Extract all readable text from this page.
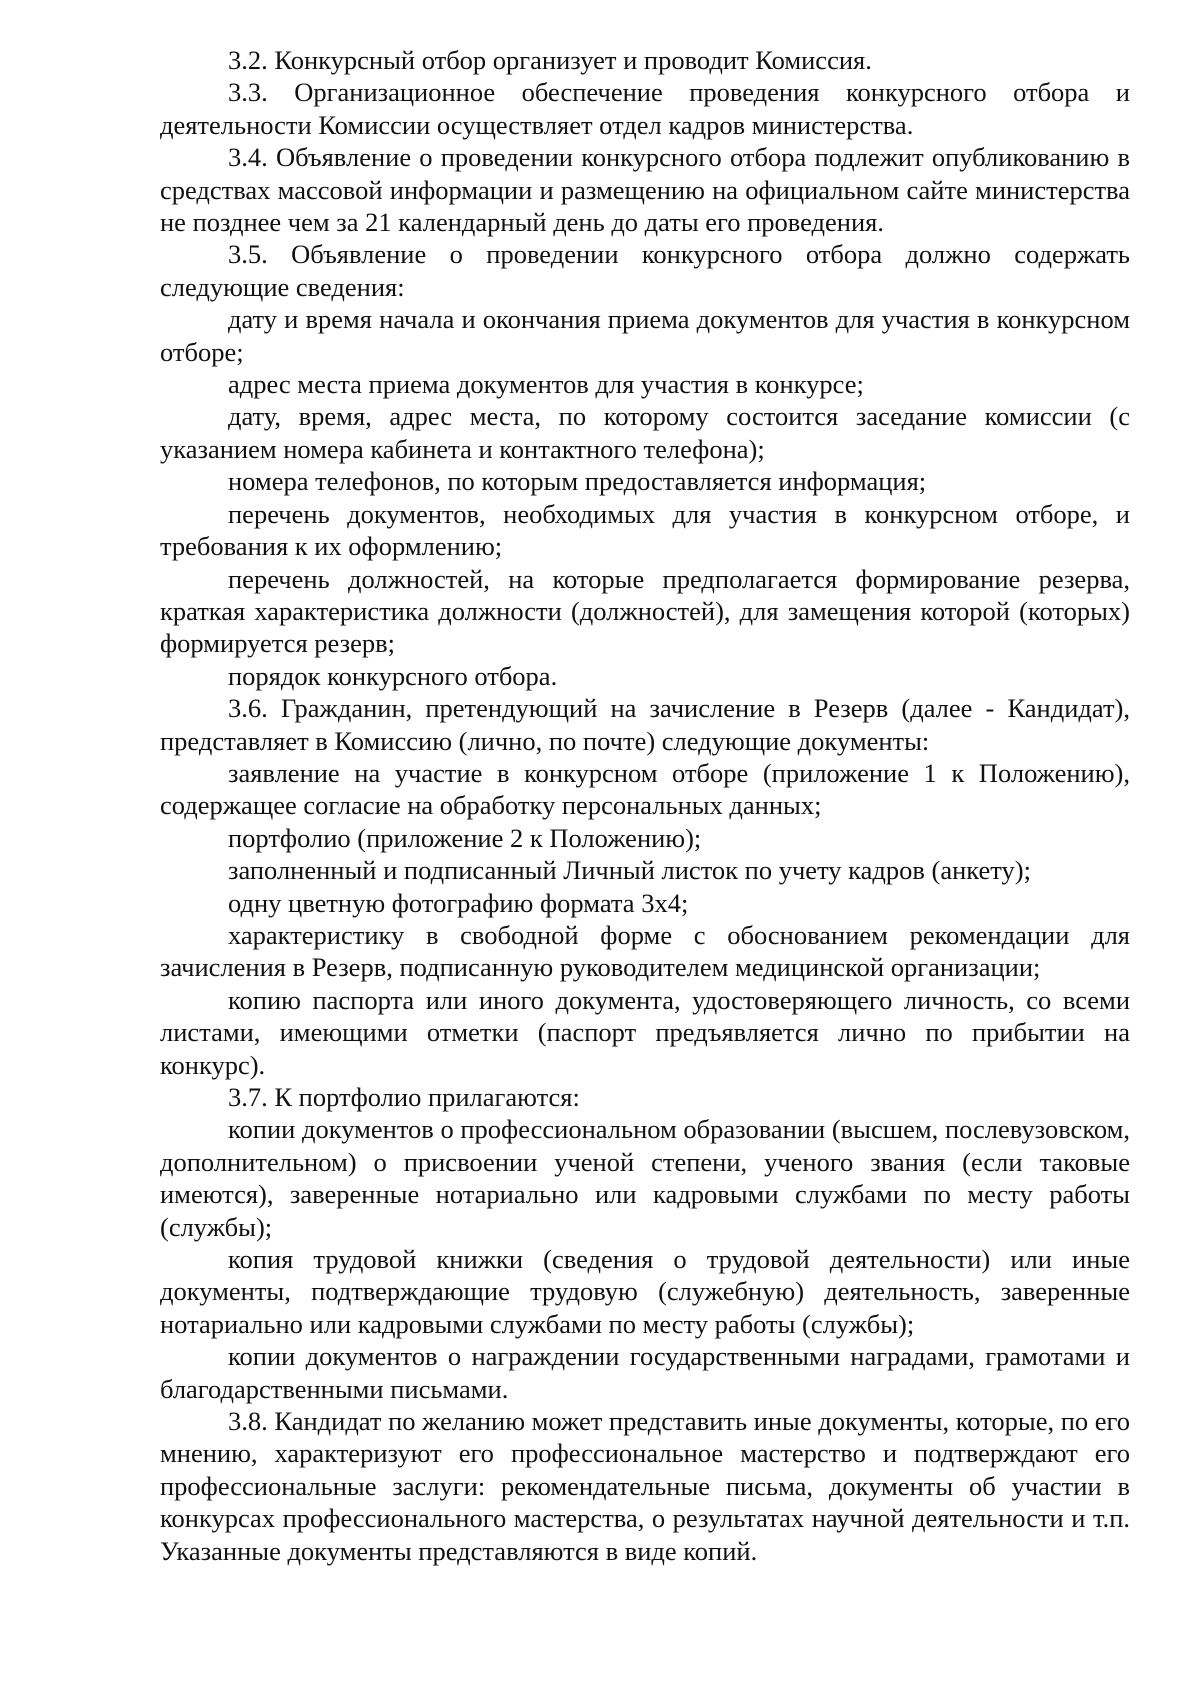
3.2. Конкурсный отбор организует и проводит Комиссия.

3.3. Организационное обеспечение проведения конкурсного отбора и деятельности Комиссии осуществляет отдел кадров министерства.

3.4. Объявление о проведении конкурсного отбора подлежит опубликованию в средствах массовой информации и размещению на официальном сайте министерства не позднее чем за 21 календарный день до даты его проведения.

3.5. Объявление о проведении конкурсного отбора должно содержать следующие сведения:

дату и время начала и окончания приема документов для участия в конкурсном отборе;

адрес места приема документов для участия в конкурсе;

дату, время, адрес места, по которому состоится заседание комиссии (с указанием номера кабинета и контактного телефона);

номера телефонов, по которым предоставляется информация;

перечень документов, необходимых для участия в конкурсном отборе, и требования к их оформлению;

перечень должностей, на которые предполагается формирование резерва, краткая характеристика должности (должностей), для замещения которой (которых) формируется резерв;

порядок конкурсного отбора.

3.6. Гражданин, претендующий на зачисление в Резерв (далее - Кандидат), представляет в Комиссию (лично, по почте) следующие документы:

заявление на участие в конкурсном отборе (приложение 1 к Положению), содержащее согласие на обработку персональных данных;

портфолио (приложение 2 к Положению);

заполненный и подписанный Личный листок по учету кадров (анкету);

одну цветную фотографию формата 3х4;

характеристику в свободной форме с обоснованием рекомендации для зачисления в Резерв, подписанную руководителем медицинской организации;

копию паспорта или иного документа, удостоверяющего личность, со всеми листами, имеющими отметки (паспорт предъявляется лично по прибытии на конкурс).

3.7. К портфолио прилагаются:

копии документов о профессиональном образовании (высшем, послевузовском, дополнительном) о присвоении ученой степени, ученого звания (если таковые имеются), заверенные нотариально или кадровыми службами по месту работы (службы);

копия трудовой книжки (сведения о трудовой деятельности) или иные документы, подтверждающие трудовую (служебную) деятельность, заверенные нотариально или кадровыми службами по месту работы (службы);

копии документов о награждении государственными наградами, грамотами и благодарственными письмами.

3.8. Кандидат по желанию может представить иные документы, которые, по его мнению, характеризуют его профессиональное мастерство и подтверждают его профессиональные заслуги: рекомендательные письма, документы об участии в конкурсах профессионального мастерства, о результатах научной деятельности и т.п. Указанные документы представляются в виде копий.
